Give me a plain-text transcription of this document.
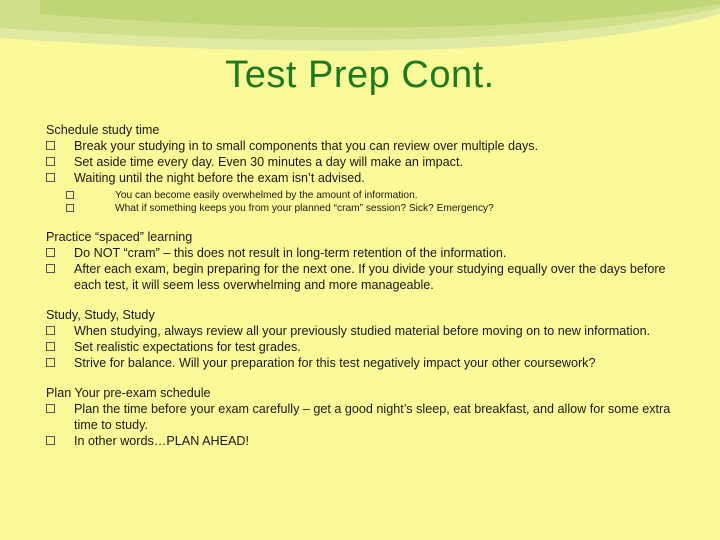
Test Prep Cont.
Schedule study time
Break your studying in to small components that you can review over multiple days.
Set aside time every day. Even 30 minutes a day will make an impact.
Waiting until the night before the exam isn’t advised.
You can become easily overwhelmed by the amount of information.
What if something keeps you from your planned “cram” session? Sick? Emergency?
Practice “spaced” learning
Do NOT “cram” – this does not result in long-term retention of the information.
After each exam, begin preparing for the next one. If you divide your studying equally over the days before each test, it will seem less overwhelming and more manageable.
Study, Study, Study
When studying, always review all your previously studied material before moving on to new information.
Set realistic expectations for test grades.
Strive for balance. Will your preparation for this test negatively impact your other coursework?
Plan Your pre-exam schedule
Plan the time before your exam carefully – get a good night’s sleep, eat breakfast, and allow for some extra time to study.
In other words…PLAN AHEAD!
